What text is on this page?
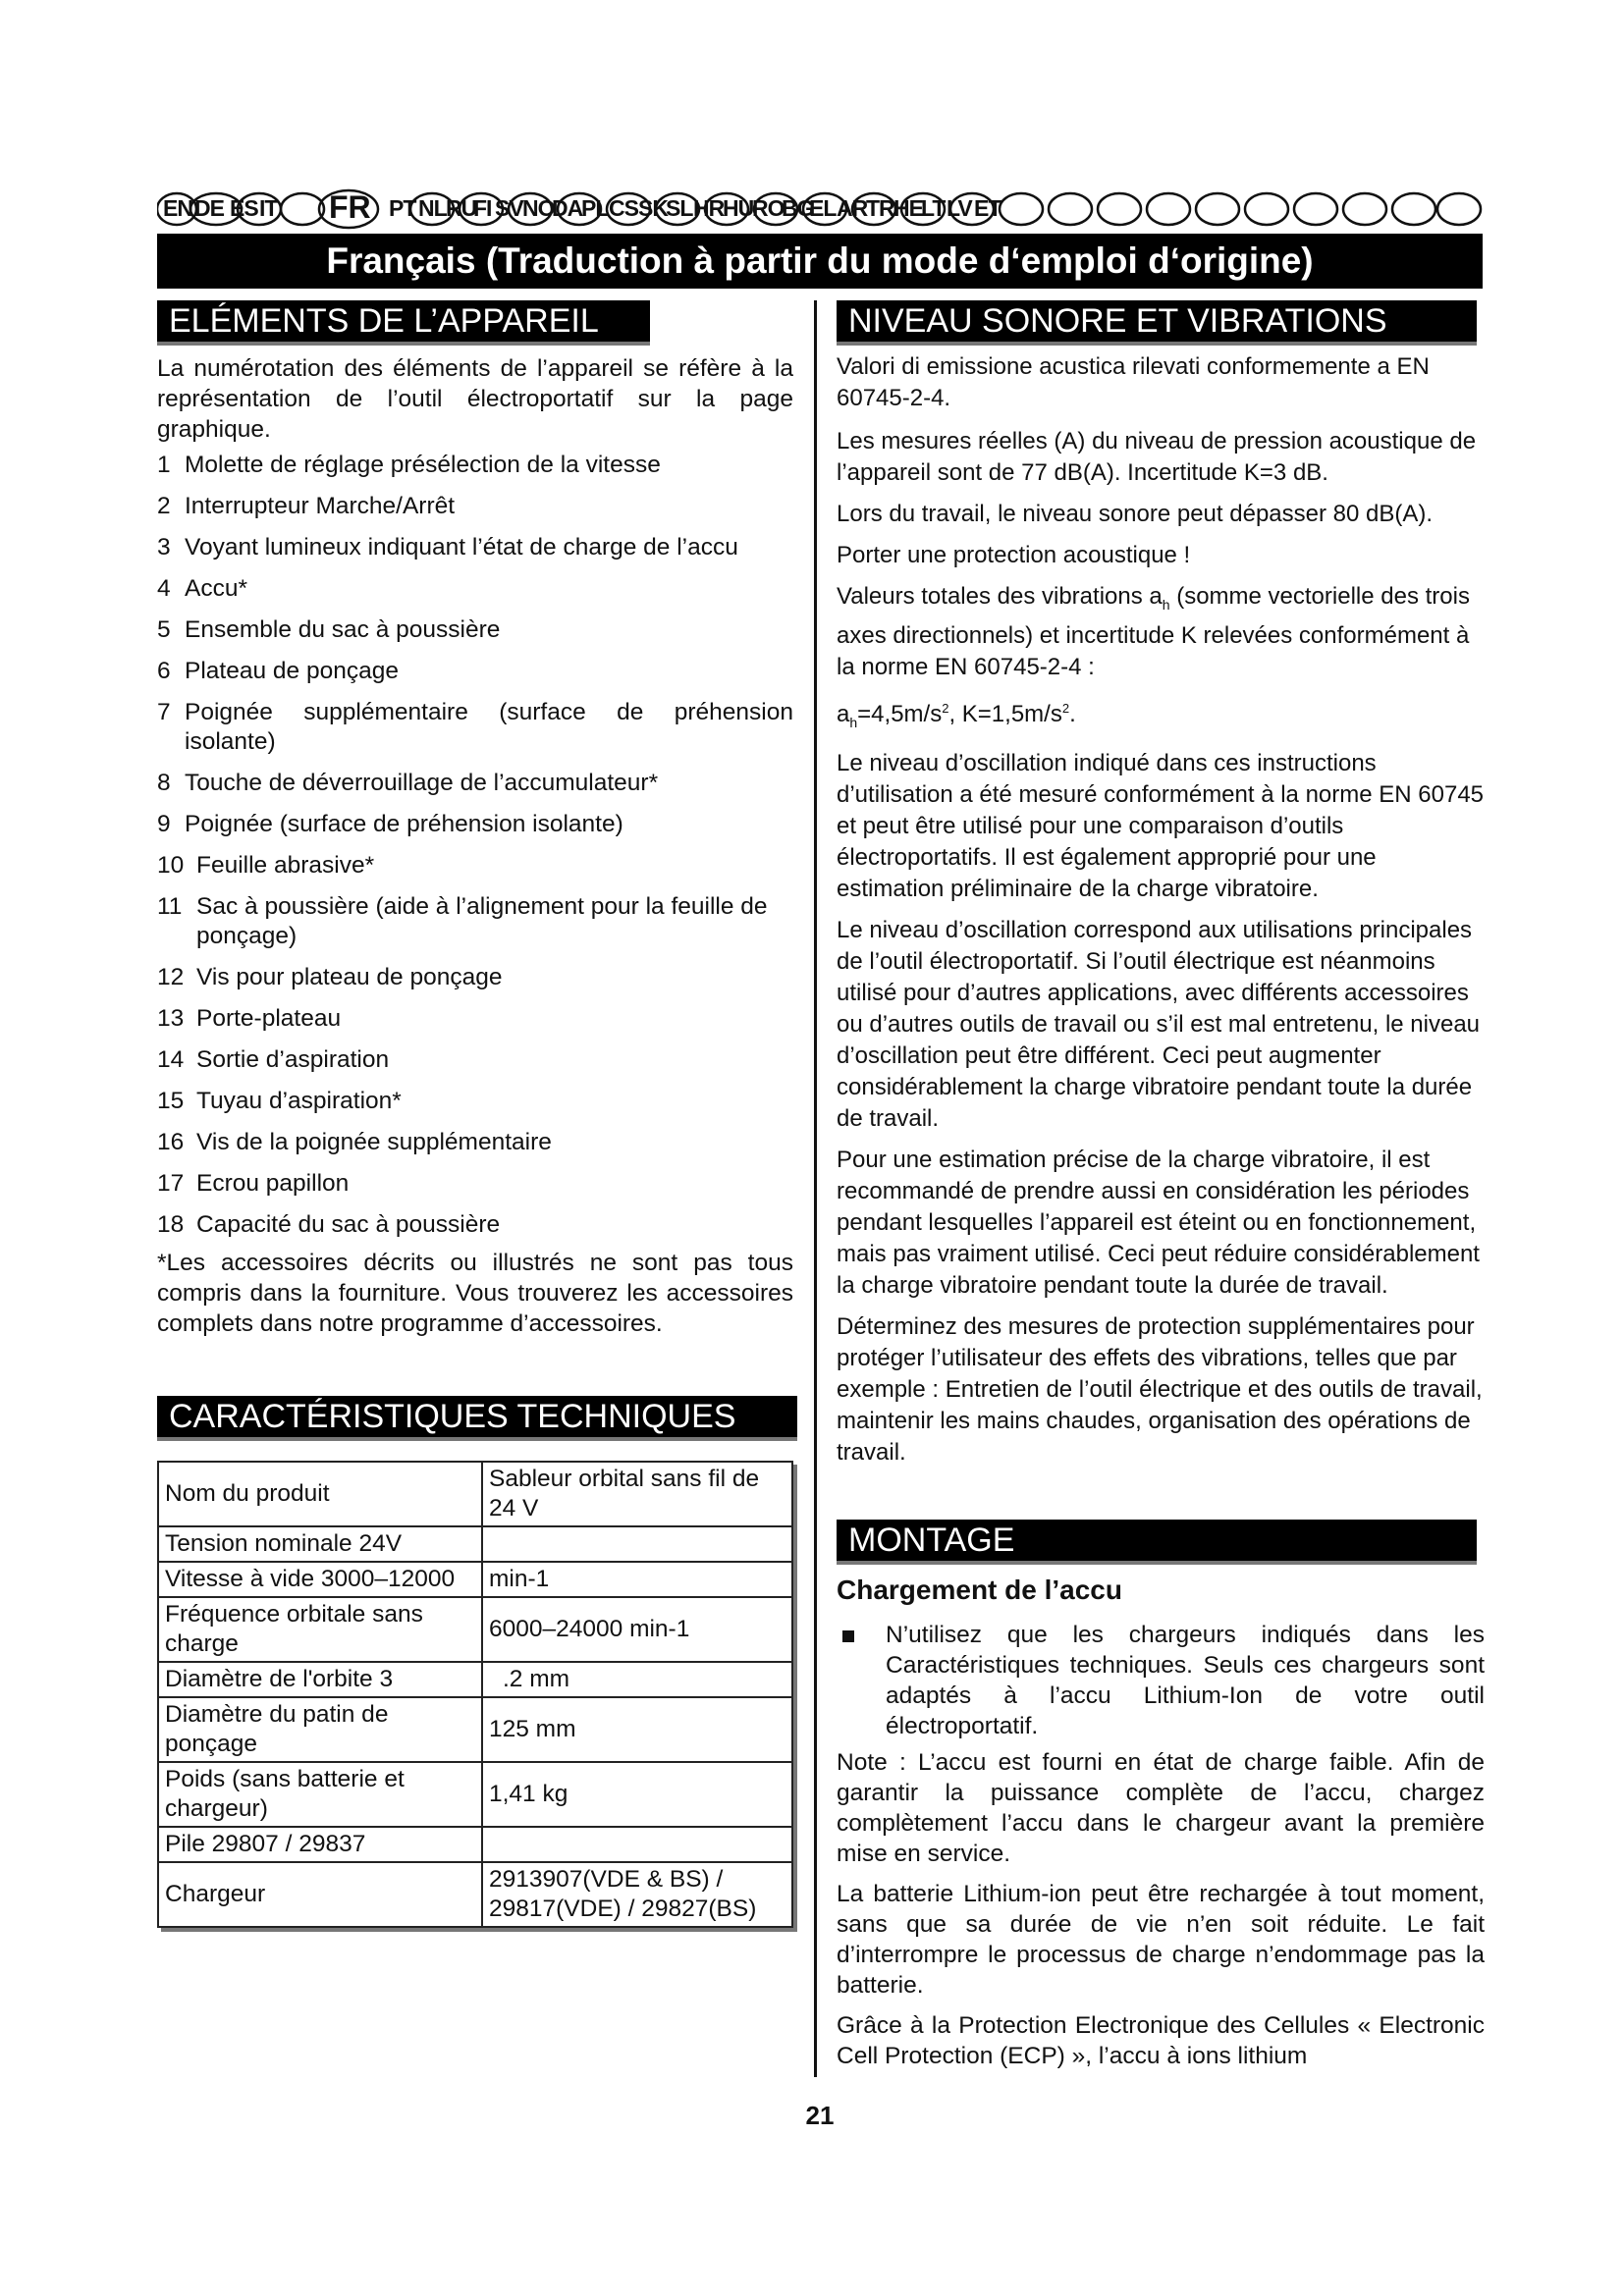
EN DE ES IT FR PT NL RU
FI SV NO
DA
PL CS SK
SL HR
HU
RO
BG
EL AR
TR HE
LT LV ET
Français (Traduction à partir du mode d‘emploi d‘origine)
ELÉMENTS DE L’APPAREIL

La numérotation des éléments de l’appareil se réfère à la représentation de l’outil électroportatif sur la page graphique.

1 Molette de réglage présélection de la vitesse
2 Interrupteur Marche/Arrêt
3 Voyant lumineux indiquant l’état de charge de l’accu
4 Accu*
5 Ensemble du sac à poussière
6 Plateau de ponçage
7 Poignée supplémentaire (surface de préhension isolante)
8 Touche de déverrouillage de l’accumulateur*
9 Poignée (surface de préhension isolante)
10 Feuille abrasive*
11 Sac à poussière (aide à l’alignement pour la feuille de ponçage)
12 Vis pour plateau de ponçage
13 Porte-plateau
14 Sortie d’aspiration
15 Tuyau d’aspiration*
16 Vis de la poignée supplémentaire
17 Ecrou papillon
18 Capacité du sac à poussière

*Les accessoires décrits ou illustrés ne sont pas tous compris dans la fourniture. Vous trouverez les accessoires complets dans notre programme d’accessoires.

CARACTÉRISTIQUES TECHNIQUES
Nom du produit	Sableur orbital sans fil de 24 V
Tension nominale 24V	
Vitesse à vide 3000–12000	min-1
Fréquence orbitale sans charge	6000–24000 min-1
Diamètre de l'orbite 3	.2 mm
Diamètre du patin de ponçage	125 mm
Poids (sans batterie et chargeur)	1,41 kg
Pile 29807 / 29837	
Chargeur	2913907(VDE & BS) / 29817(VDE) / 29827(BS)
NIVEAU SONORE ET VIBRATIONS

Valori di emissione acustica rilevati conformemente a EN 60745-2-4.

Les mesures réelles (A) du niveau de pression acoustique de l’appareil sont de 77 dB(A). Incertitude K=3 dB.

Lors du travail, le niveau sonore peut dépasser 80 dB(A).

Porter une protection acoustique !

Valeurs totales des vibrations $a_h$ (somme vectorielle des trois axes directionnels) et incertitude K relevées conformément à la norme EN 60745-2-4 :

$a_h=4,5m/s^2$, $K=1,5m/s^2$.

Le niveau d’oscillation indiqué dans ces instructions d’utilisation a été mesuré conformément à la norme EN 60745 et peut être utilisé pour une comparaison d’outils électroportatifs. Il est également approprié pour une estimation préliminaire de la charge vibratoire.

Le niveau d’oscillation correspond aux utilisations principales de l’outil électroportatif. Si l’outil électrique est néanmoins utilisé pour d’autres applications, avec différents accessoires ou d’autres outils de travail ou s’il est mal entretenu, le niveau d’oscillation peut être différent. Ceci peut augmenter considérablement la charge vibratoire pendant toute la durée de travail.

Pour une estimation précise de la charge vibratoire, il est recommandé de prendre aussi en considération les périodes pendant lesquelles l’appareil est éteint ou en fonctionnement, mais pas vraiment utilisé. Ceci peut réduire considérablement la charge vibratoire pendant toute la durée de travail.

Déterminez des mesures de protection supplémentaires pour protéger l’utilisateur des effets des vibrations, telles que par exemple : Entretien de l’outil électrique et des outils de travail, maintenir les mains chaudes, organisation des opérations de travail.

MONTAGE
Chargement de l’accu
N’utilisez que les chargeurs indiqués dans les Caractéristiques techniques. Seuls ces chargeurs sont adaptés à l’accu Lithium-Ion de votre outil électroportatif.

Note : L’accu est fourni en état de charge faible. Afin de garantir la puissance complète de l’accu, chargez complètement l’accu dans le chargeur avant la première mise en service.

La batterie Lithium-ion peut être rechargée à tout moment, sans que sa durée de vie n’en soit réduite. Le fait d’interrompre le processus de charge n’endommage pas la batterie.

Grâce à la Protection Electronique des Cellules « Electronic Cell Protection (ECP) », l’accu à ions lithium

21
